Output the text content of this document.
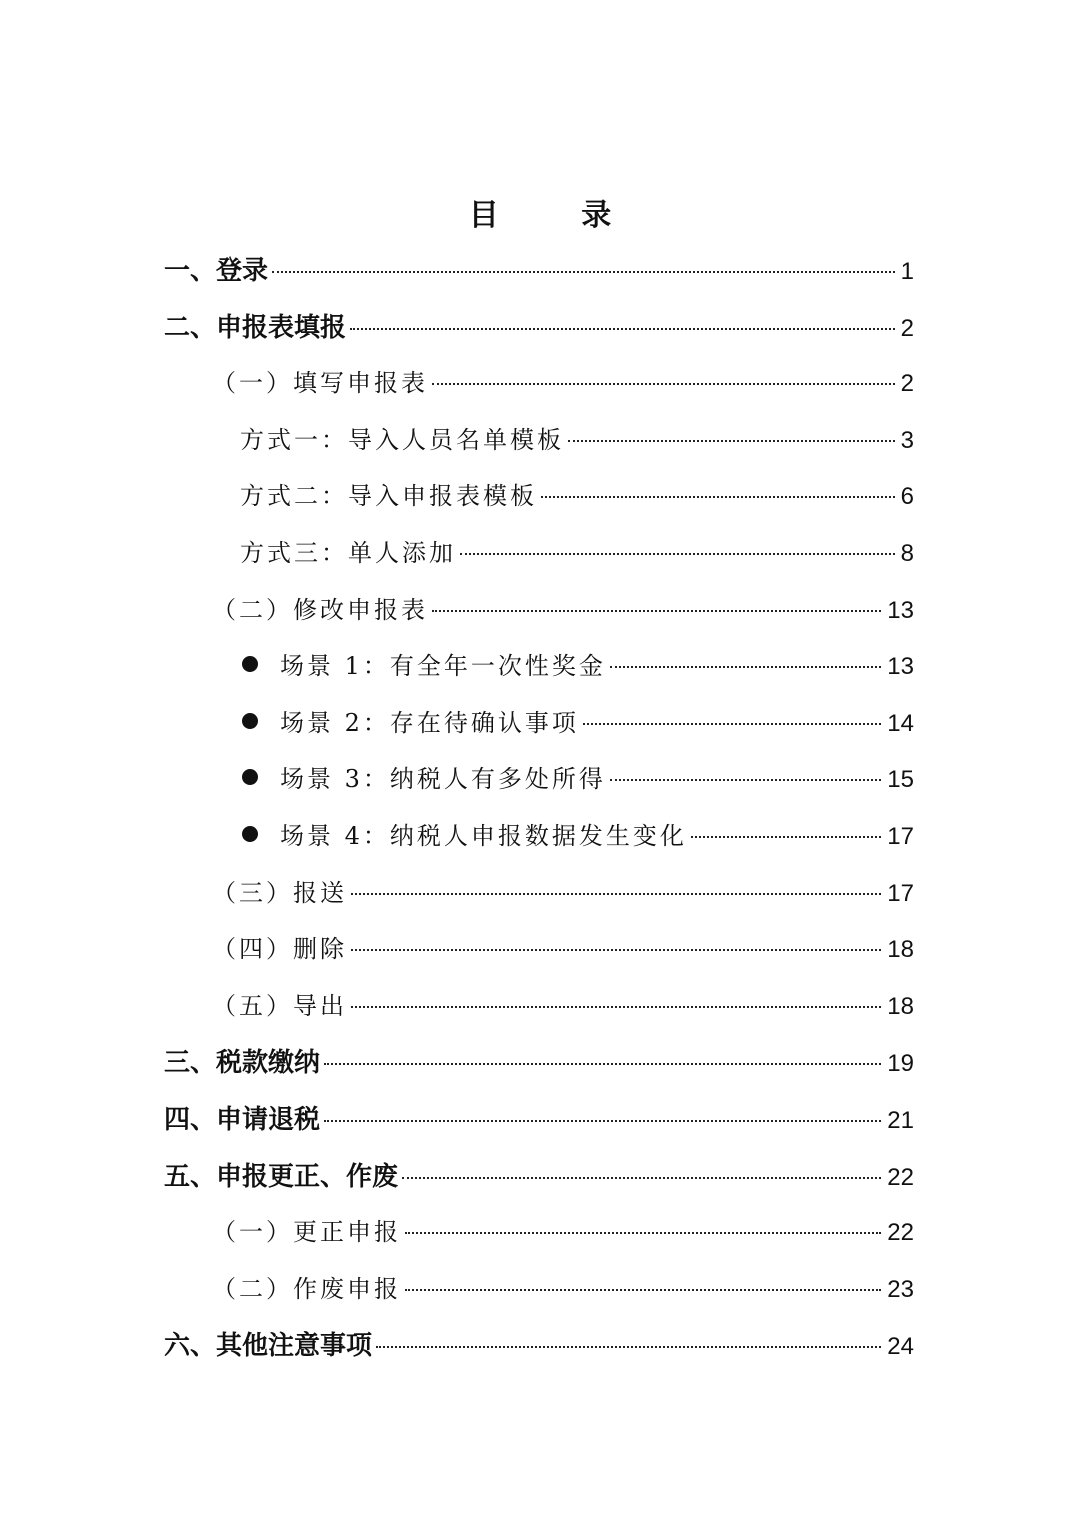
目 录
一、登录	1
二、申报表填报	2
（一）填写申报表	2
方式一：导入人员名单模板	3
方式二：导入申报表模板	6
方式三：单人添加	8
（二）修改申报表	13
场景 1：有全年一次性奖金	13
场景 2：存在待确认事项	14
场景 3：纳税人有多处所得	15
场景 4：纳税人申报数据发生变化	17
（三）报送	17
（四）删除	18
（五）导出	18
三、税款缴纳	19
四、申请退税	21
五、申报更正、作废	22
（一）更正申报	22
（二）作废申报	23
六、其他注意事项	24
